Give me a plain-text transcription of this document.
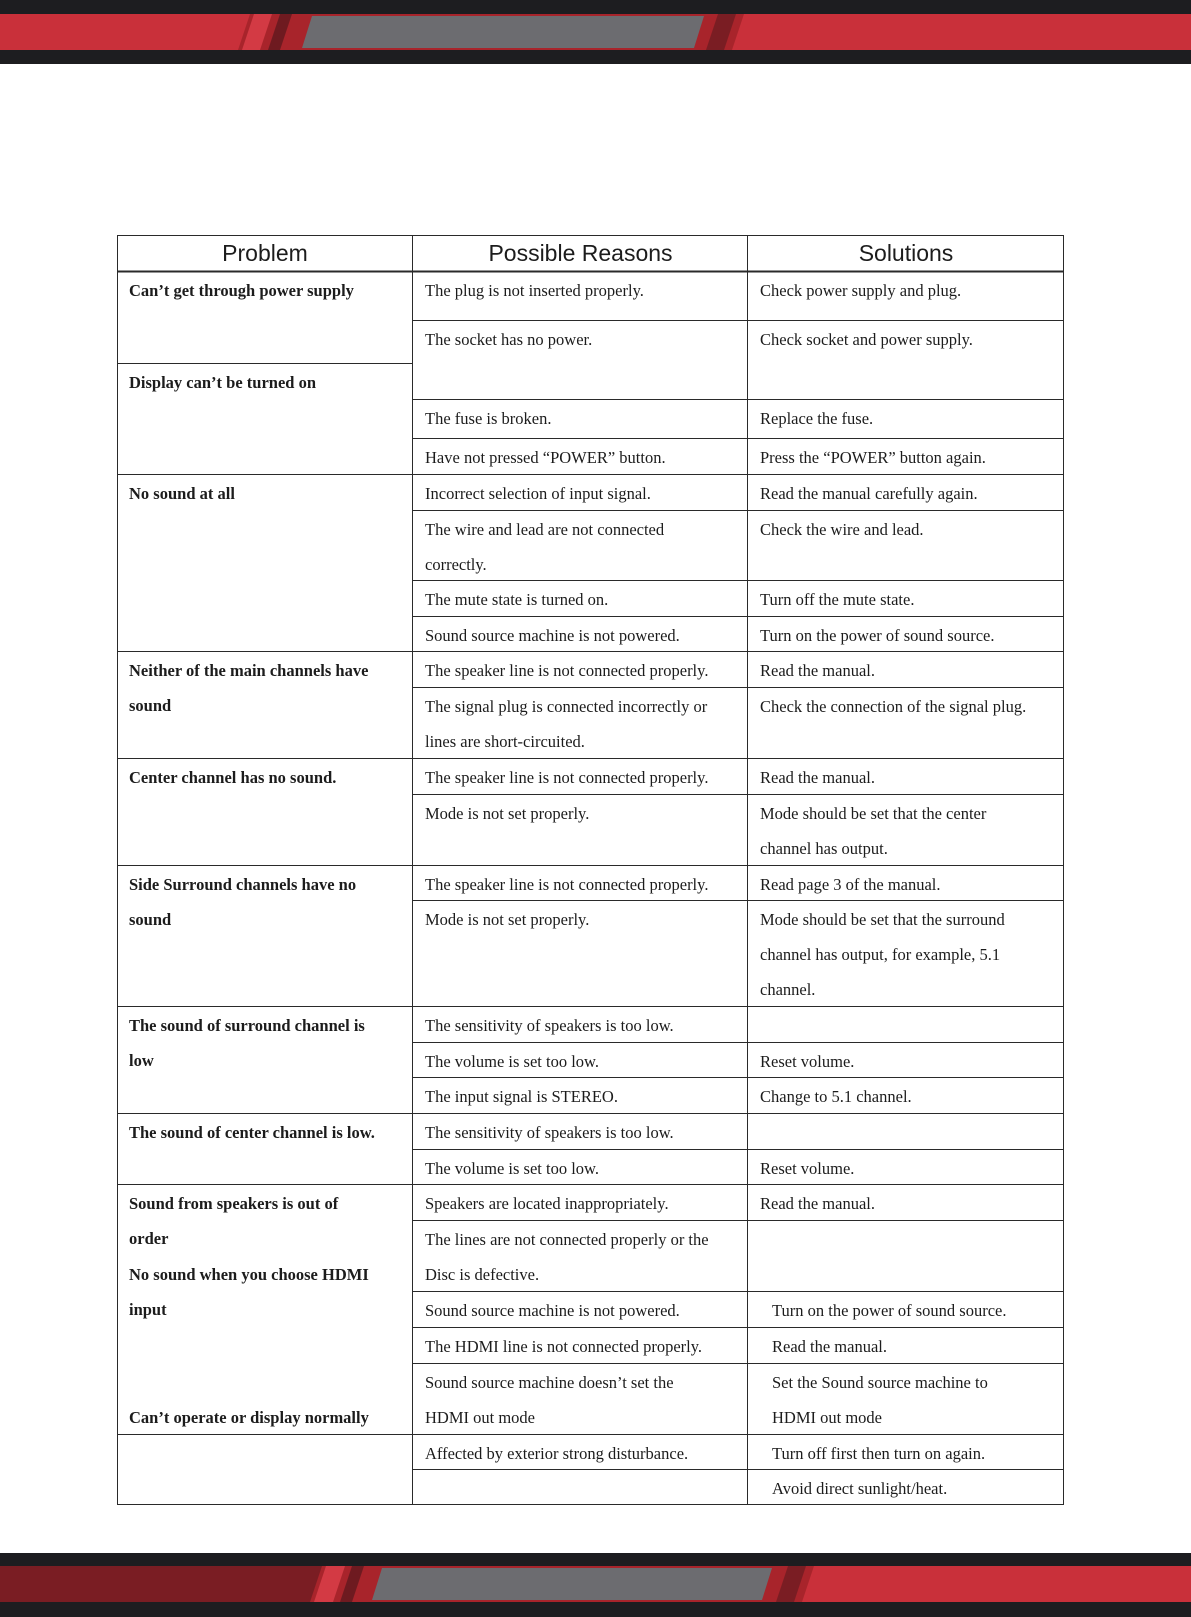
Problem	Possible Reasons	Solutions
Can’t get through power supply
Display can’t be turned on
No sound at all
Neither of the main channels have
sound
Center channel has no sound.
Side Surround channels have no
sound
The sound of surround channel is
low
The sound of center channel is low.
Sound from speakers is out of
order
No sound when you choose HDMI
input
Can’t operate or display normally
The plug is not inserted properly.
The socket has no power.
The fuse is broken.
Have not pressed “POWER” button.
Incorrect selection of input signal.
The wire and lead are not connected
correctly.
The mute state is turned on.
Sound source machine is not powered.
The speaker line is not connected properly.
The signal plug is connected incorrectly or
lines are short-circuited.
The speaker line is not connected properly.
Mode is not set properly.
The speaker line is not connected properly.
Mode is not set properly.
The sensitivity of speakers is too low.
The volume is set too low.
The input signal is STEREO.
The sensitivity of speakers is too low.
The volume is set too low.
Speakers are located inappropriately.
The lines are not connected properly or the
Disc is defective.
Sound source machine is not powered.
The HDMI line is not connected properly.
Sound source machine doesn’t set the
HDMI out mode
Affected by exterior strong disturbance.
Check power supply and plug.
Check socket and power supply.
Replace the fuse.
Press the “POWER” button again.
Read the manual carefully again.
Check the wire and lead.
Turn off the mute state.
Turn on the power of sound source.
Read the manual.
Check the connection of the signal plug.
Read the manual.
Mode should be set that the center
channel has output.
Read page 3 of the manual.
Mode should be set that the surround
channel has output, for example, 5.1
channel.
Reset volume.
Change to 5.1 channel.
Reset volume.
Read the manual.
Turn on the power of sound source.
Read the manual.
Set the Sound source machine to
HDMI out mode
Turn off first then turn on again.
Avoid direct sunlight/heat.
